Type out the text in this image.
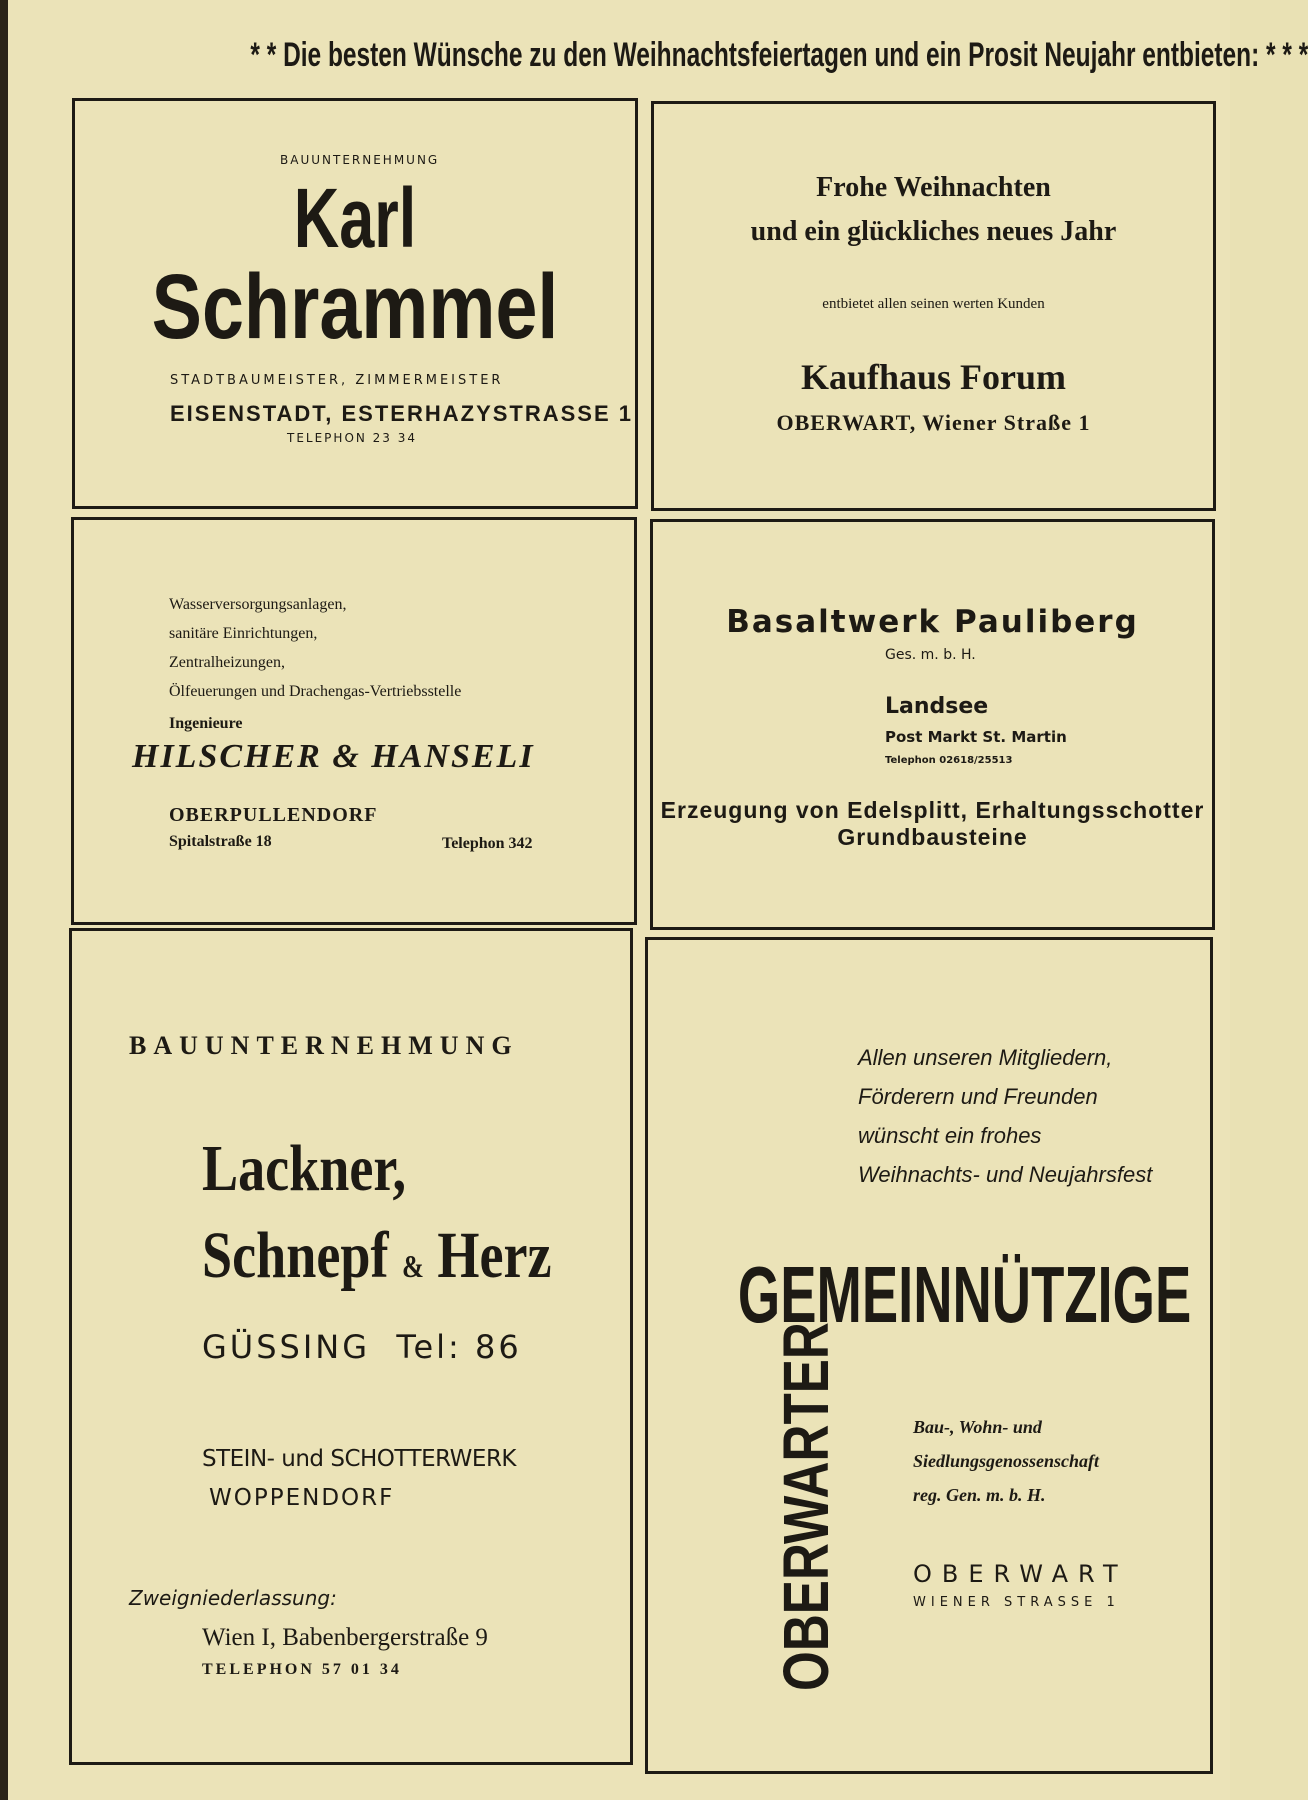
* * Die besten Wünsche zu den Weihnachtsfeiertagen und ein Prosit Neujahr entbieten: * * *
BAUUNTERNEHMUNG
Karl
Schrammel
STADTBAUMEISTER, ZIMMERMEISTER
EISENSTADT, ESTERHAZYSTRASSE 1
TELEPHON 23 34
Frohe Weihnachten
und ein glückliches neues Jahr
entbietet allen seinen werten Kunden
Kaufhaus Forum
OBERWART, Wiener Straße 1
Wasserversorgungsanlagen,
sanitäre Einrichtungen,
Zentralheizungen,
Ölfeuerungen und Drachengas-Vertriebsstelle
Ingenieure
HILSCHER & HANSELI
OBERPULLENDORF
Spitalstraße 18	Telephon 342
Basaltwerk Pauliberg
Ges. m. b. H.
Landsee
Post Markt St. Martin
Telephon 02618/25513
Erzeugung von Edelsplitt, Erhaltungsschotter
Grundbausteine
BAUUNTERNEHMUNG
Lackner,
Schnepf & Herz
GÜSSING  Tel: 86
STEIN- und SCHOTTERWERK
WOPPENDORF
Zweigniederlassung:
Wien I, Babenbergerstraße 9
TELEPHON 57 01 34
Allen unseren Mitgliedern,
Förderern und Freunden
wünscht ein frohes
Weihnachts- und Neujahrsfest
GEMEINNÜTZIGE
OBERWARTER	Bau-, Wohn- und
Siedlungsgenossenschaft
reg. Gen. m. b. H.
OBERWART
WIENER STRASSE 1
